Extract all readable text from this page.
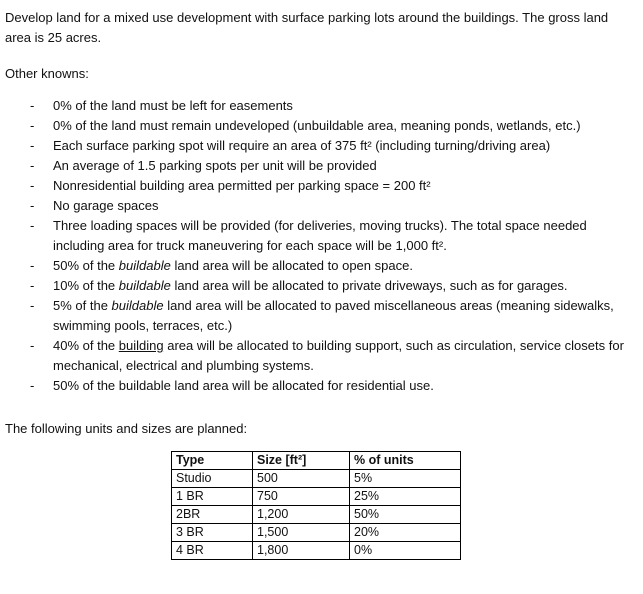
Develop land for a mixed use development with surface parking lots around the buildings. The gross land area is 25 acres.
Other knowns:
- 0% of the land must be left for easements
- 0% of the land must remain undeveloped (unbuildable area, meaning ponds, wetlands, etc.)
- Each surface parking spot will require an area of 375 ft² (including turning/driving area)
- An average of 1.5 parking spots per unit will be provided
- Nonresidential building area permitted per parking space = 200 ft²
- No garage spaces
- Three loading spaces will be provided (for deliveries, moving trucks). The total space needed including area for truck maneuvering for each space will be 1,000 ft².
- 50% of the buildable land area will be allocated to open space.
- 10% of the buildable land area will be allocated to private driveways, such as for garages.
- 5% of the buildable land area will be allocated to paved miscellaneous areas (meaning sidewalks, swimming pools, terraces, etc.)
- 40% of the building area will be allocated to building support, such as circulation, service closets for mechanical, electrical and plumbing systems.
- 50% of the buildable land area will be allocated for residential use.
The following units and sizes are planned:
Type	Size [ft²]	% of units
Studio	500	5%
1 BR	750	25%
2BR	1,200	50%
3 BR	1,500	20%
4 BR	1,800	0%
